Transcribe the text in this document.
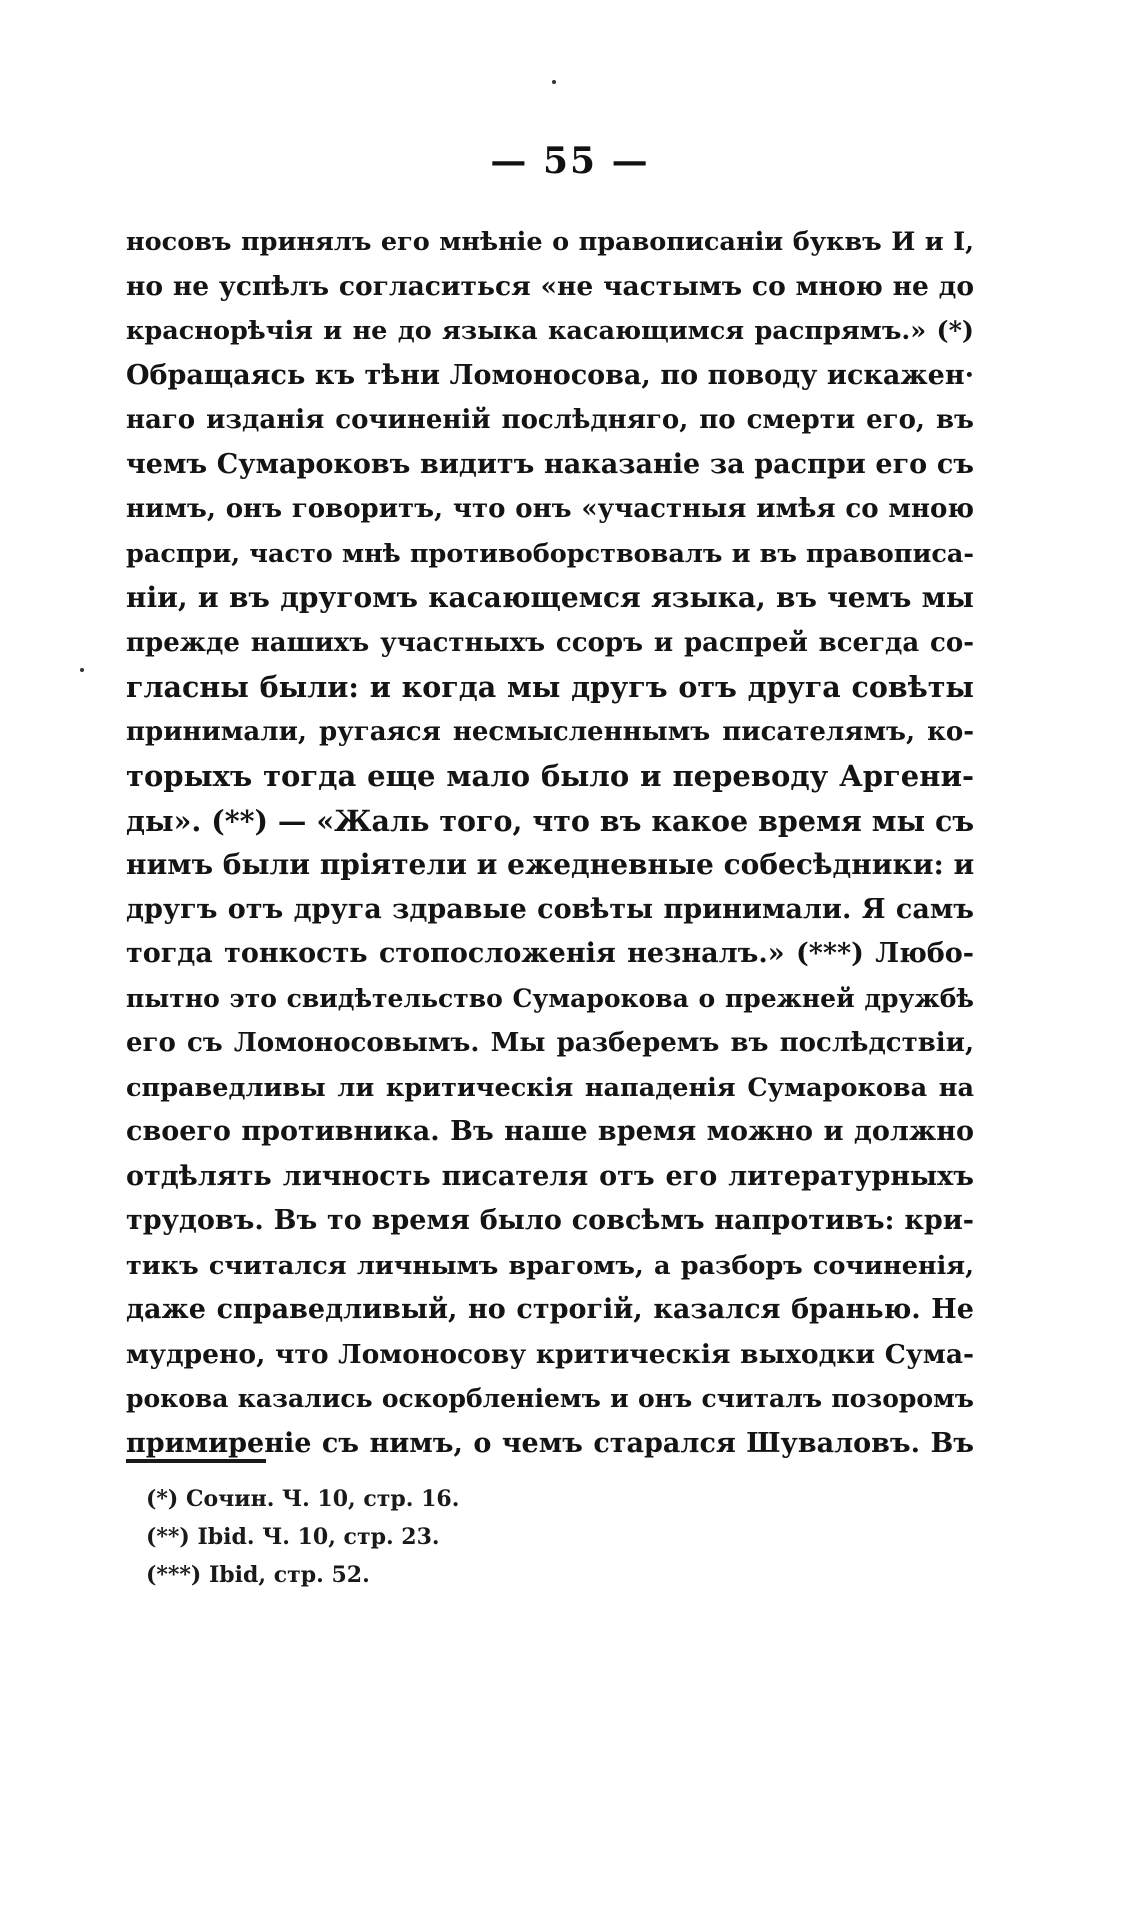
— 55 —
носовъ принялъ его мнѣніе о правописаніи буквъ И и I,
но не успѣлъ согласиться «не частымъ со мною не до
краснорѣчія и не до языка касающимся распрямъ.» (*)
Обращаясь къ тѣни Ломоносова, по поводу искажен·
наго изданія сочиненій послѣдняго, по смерти его, въ
чемъ Сумароковъ видитъ наказаніе за распри его съ
нимъ, онъ говоритъ, что онъ «участныя имѣя со мною
распри, часто мнѣ противоборствовалъ и въ правописа-
ніи, и въ другомъ касающемся языка, въ чемъ мы
прежде нашихъ участныхъ ссоръ и распрей всегда со-
гласны были: и когда мы другъ отъ друга совѣты
принимали, ругаяся несмысленнымъ писателямъ, ко-
торыхъ тогда еще мало было и переводу Аргени-
ды». (**) — «Жаль того, что въ какое время мы съ
нимъ были пріятели и ежедневные собесѣдники: и
другъ отъ друга здравые совѣты принимали. Я самъ
тогда тонкость стопосложенія незналъ.» (***) Любо-
пытно это свидѣтельство Сумарокова о прежней дружбѣ
его съ Ломоносовымъ. Мы разберемъ въ послѣдствіи,
справедливы ли критическія нападенія Сумарокова на
своего противника. Въ наше время можно и должно
отдѣлять личность писателя отъ его литературныхъ
трудовъ. Въ то время было совсѣмъ напротивъ: кри-
тикъ считался личнымъ врагомъ, а разборъ сочиненія,
даже справедливый, но строгій, казался бранью. Не
мудрено, что Ломоносову критическія выходки Сума-
рокова казались оскорбленіемъ и онъ считалъ позоромъ
примиреніе съ нимъ, о чемъ старался Шуваловъ. Въ
(*) Сочин. Ч. 10, стр. 16.
(**) Ibid. Ч. 10, стр. 23.
(***) Ibid, стр. 52.
